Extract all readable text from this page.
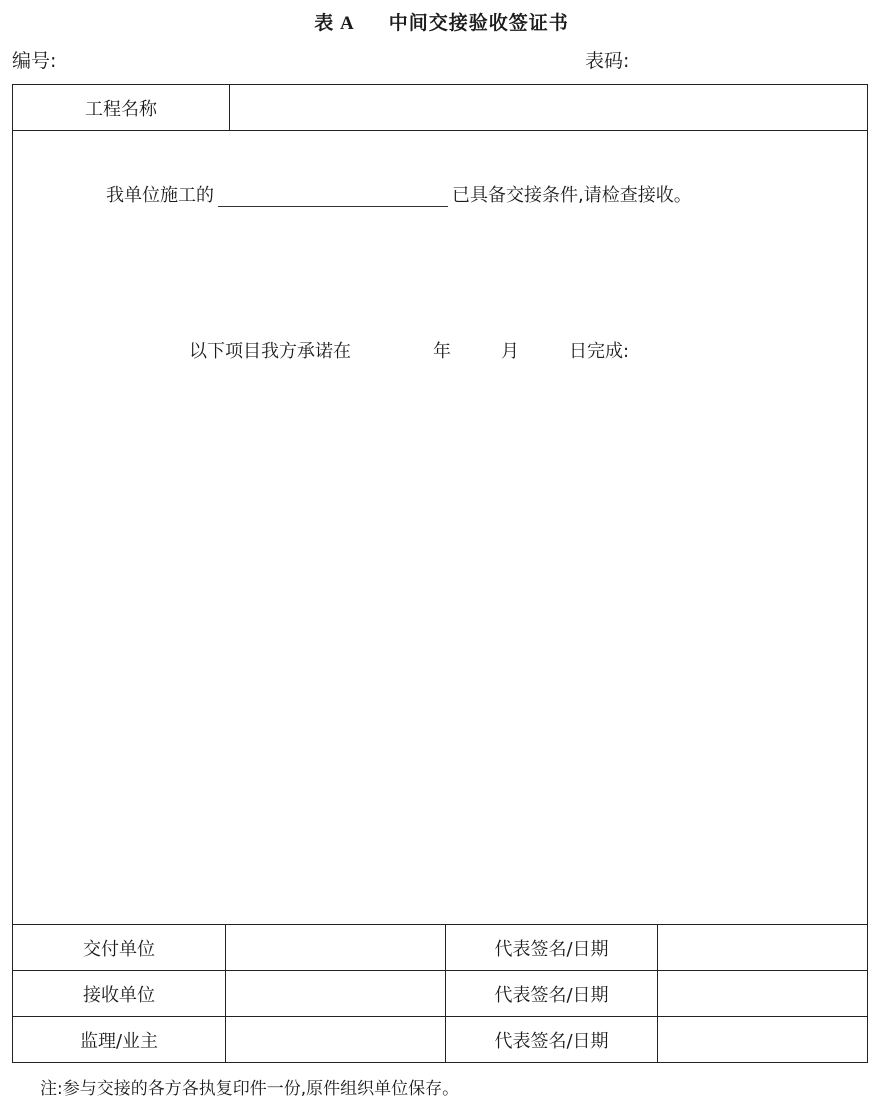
表 A 中间交接验收签证书
编号:	表码:
工程名称
我单位施工的	已具备交接条件,请检查接收。
以下项目我方承诺在	年	月	日完成:
交付单位	代表签名/日期
接收单位	代表签名/日期
监理/业主	代表签名/日期
注:参与交接的各方各执复印件一份,原件组织单位保存。
